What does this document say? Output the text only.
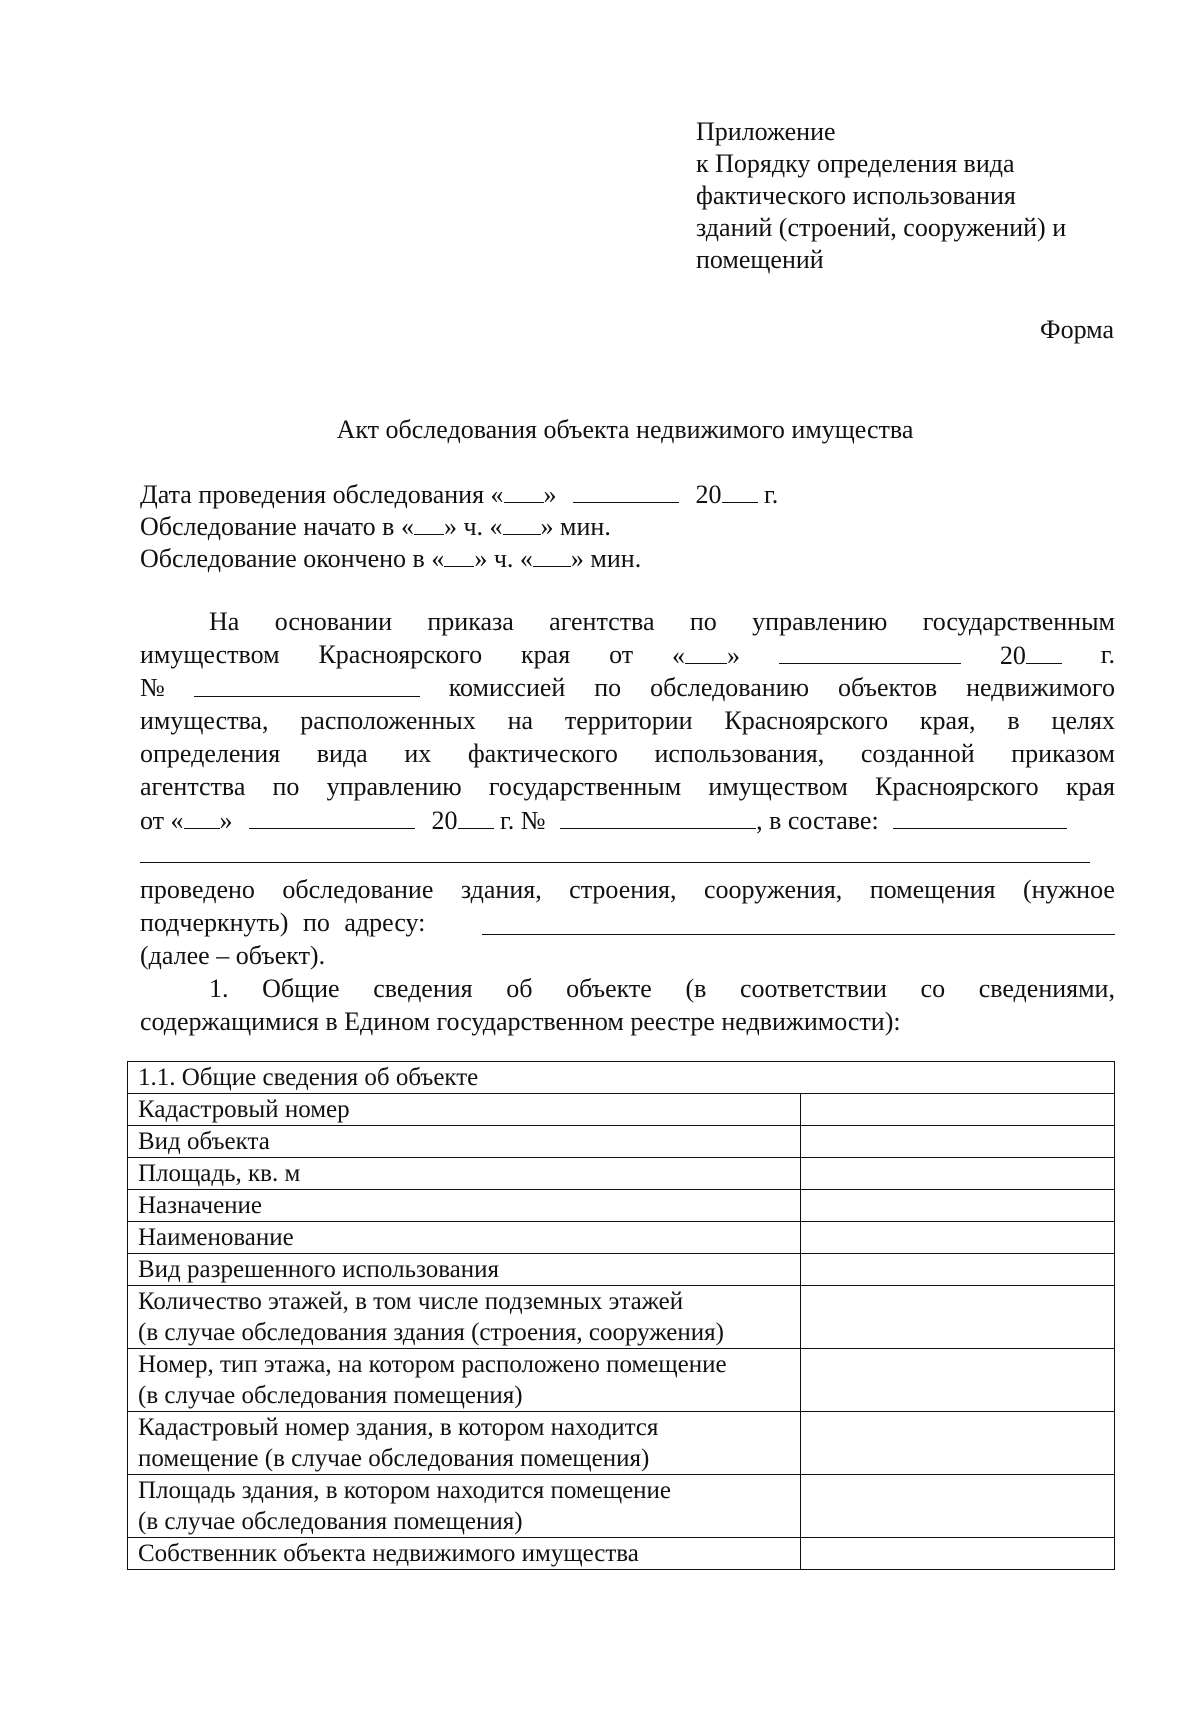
Приложение
к Порядку определения вида
фактического использования
зданий (строений, сооружений) и
помещений
Форма
Акт обследования объекта недвижимого имущества
Дата проведения обследования « »	20 г.
Обследование начато в « » ч. « » мин.
Обследование окончено в « » ч. « » мин.
На основании приказа агентства по управлению государственным
имуществом Красноярского края от « »	20	г.
№	комиссией по обследованию объектов недвижимого
имущества, расположенных на территории Красноярского края, в целях
определения вида их фактического использования, созданной приказом
агентства по управлению государственным имуществом Красноярского края
от « »	20 г. №	, в составе:
проведено обследование здания, строения, сооружения, помещения (нужное
подчеркнуть) по адресу:
(далее – объект).
1. Общие сведения об объекте (в соответствии со сведениями,
содержащимися в Едином государственном реестре недвижимости):
1.1. Общие сведения об объекте	

Кадастровый номер	

Вид объекта	

Площадь, кв. м	

Назначение	

Наименование	

Вид разрешенного использования	

Количество этажей, в том числе подземных этажей
(в случае обследования здания (строения, сооружения)	

Номер, тип этажа, на котором расположено помещение
(в случае обследования помещения)	

Кадастровый номер здания, в котором находится
помещение (в случае обследования помещения)	

Площадь здания, в котором находится помещение
(в случае обследования помещения)	

Собственник объекта недвижимого имущества	
